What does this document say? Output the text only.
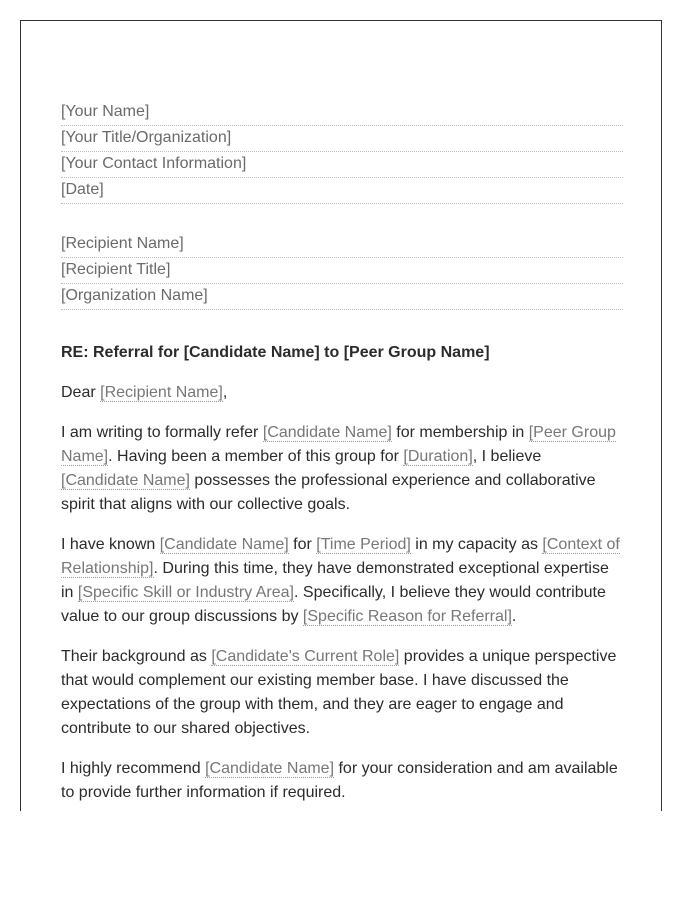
[Your Name]
[Your Title/Organization]
[Your Contact Information]
[Date]
[Recipient Name]
[Recipient Title]
[Organization Name]
RE: Referral for [Candidate Name] to [Peer Group Name]
Dear [Recipient Name],

I am writing to formally refer [Candidate Name] for membership in [Peer Group Name]. Having been a member of this group for [Duration], I believe [Candidate Name] possesses the professional experience and collaborative spirit that aligns with our collective goals.

I have known [Candidate Name] for [Time Period] in my capacity as [Context of Relationship]. During this time, they have demonstrated exceptional expertise in [Specific Skill or Industry Area]. Specifically, I believe they would contribute value to our group discussions by [Specific Reason for Referral].

Their background as [Candidate's Current Role] provides a unique perspective that would complement our existing member base. I have discussed the expectations of the group with them, and they are eager to engage and contribute to our shared objectives.

I highly recommend [Candidate Name] for your consideration and am available to provide further information if required.
